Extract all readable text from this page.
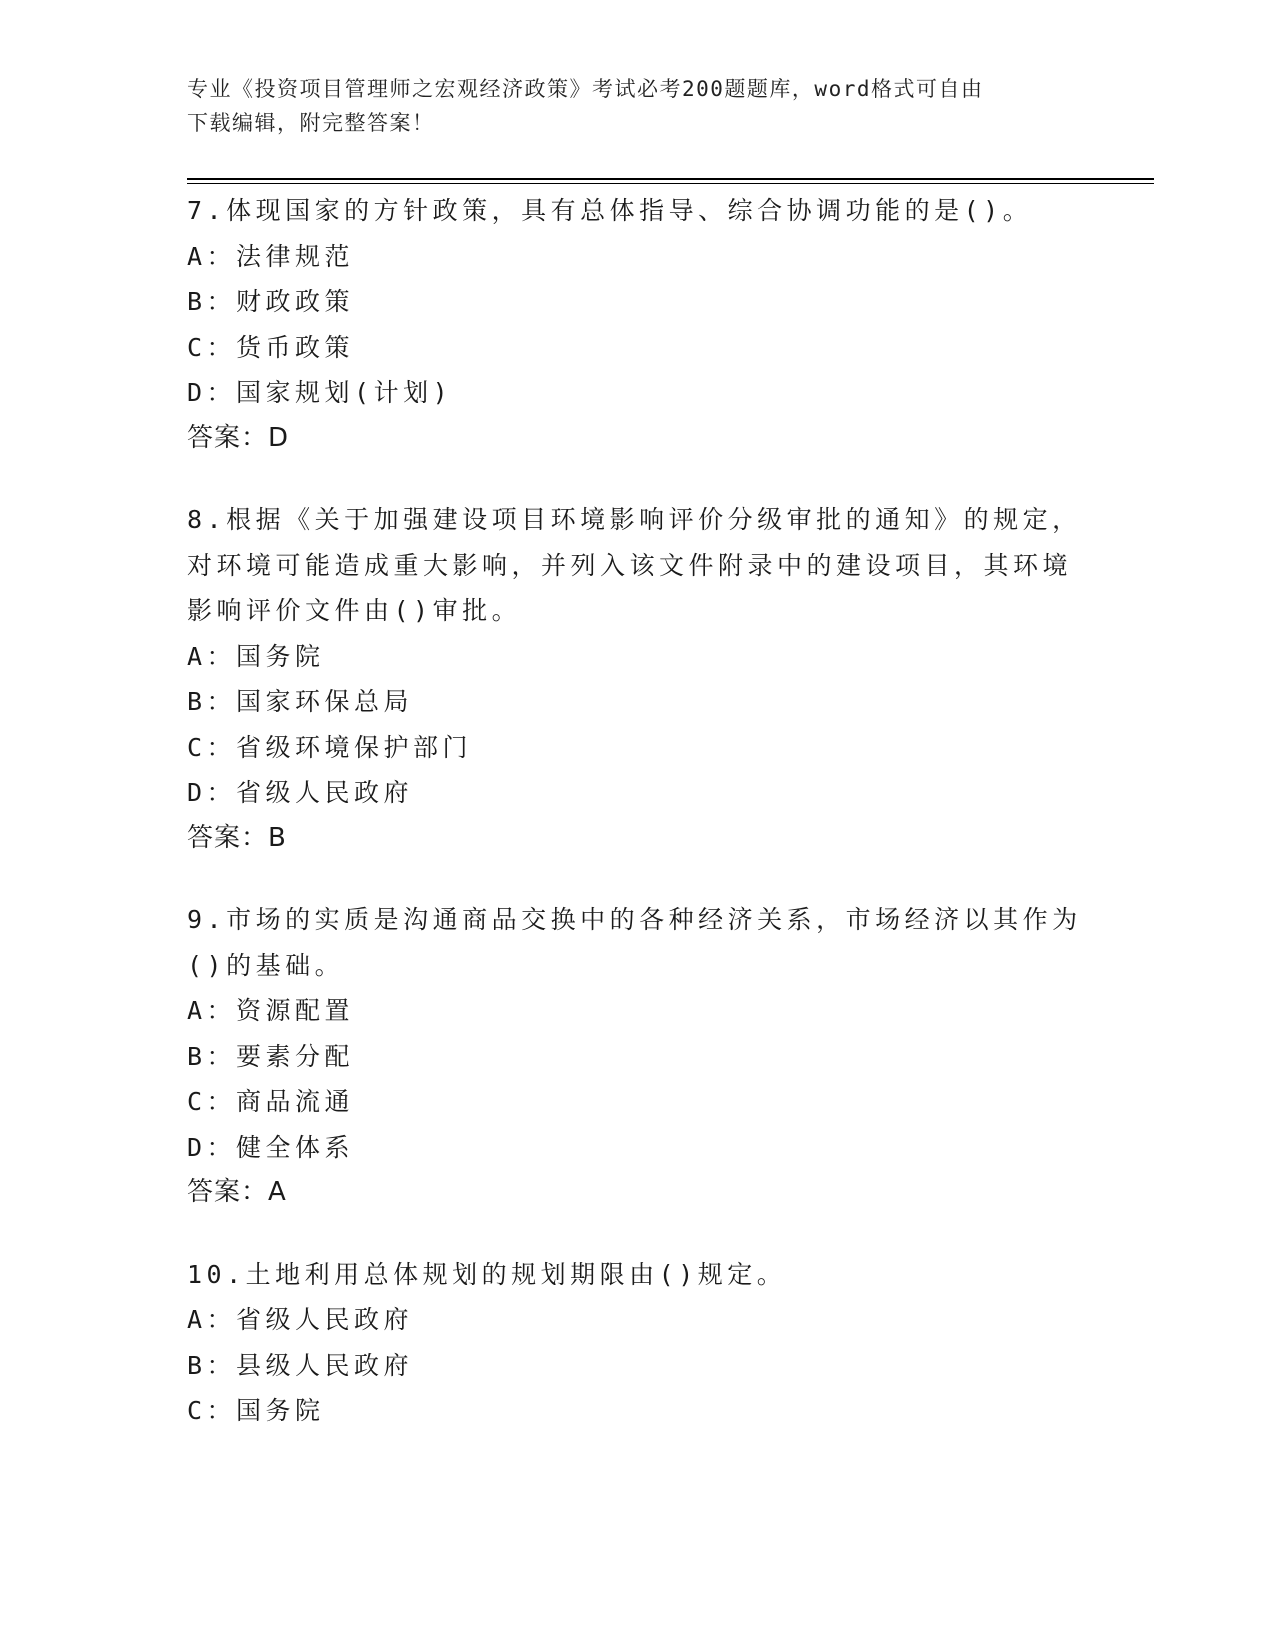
专业《投资项目管理师之宏观经济政策》考试必考200题题库，word格式可自由
下载编辑，附完整答案！
7.体现国家的方针政策，具有总体指导、综合协调功能的是()。
A：法律规范
B：财政政策
C：货币政策
D：国家规划(计划)
答案：D
8.根据《关于加强建设项目环境影响评价分级审批的通知》的规定，
对环境可能造成重大影响，并列入该文件附录中的建设项目，其环境
影响评价文件由()审批。
A：国务院
B：国家环保总局
C：省级环境保护部门
D：省级人民政府
答案：B
9.市场的实质是沟通商品交换中的各种经济关系，市场经济以其作为
()的基础。
A：资源配置
B：要素分配
C：商品流通
D：健全体系
答案：A
10.土地利用总体规划的规划期限由()规定。
A：省级人民政府
B：县级人民政府
C：国务院
